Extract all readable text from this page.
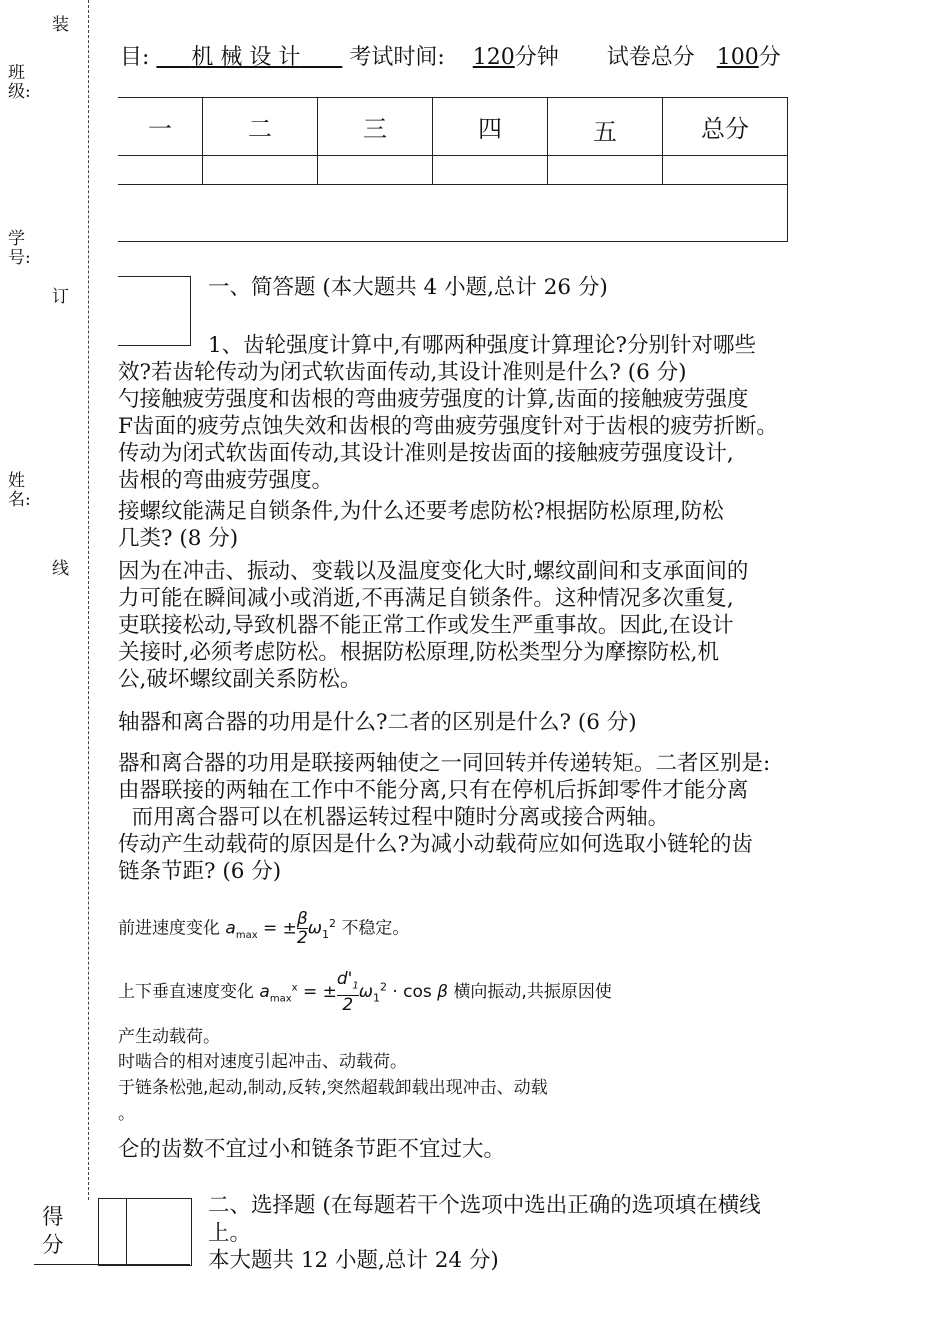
装
订
线
班级:
学号:
姓名:
目: 机 械 设 计 考试时间: 120分钟 试卷总分 100分
一	二	三	四	五	总分

一、简答题 (本大题共 4 小题,总计 26 分)
1、齿轮强度计算中,有哪两种强度计算理论?分别针对哪些
效?若齿轮传动为闭式软齿面传动,其设计准则是什么? (6 分)
勺接触疲劳强度和齿根的弯曲疲劳强度的计算,齿面的接触疲劳强度
F齿面的疲劳点蚀失效和齿根的弯曲疲劳强度针对于齿根的疲劳折断。
传动为闭式软齿面传动,其设计准则是按齿面的接触疲劳强度设计,
齿根的弯曲疲劳强度。
接螺纹能满足自锁条件,为什么还要考虑防松?根据防松原理,防松
几类? (8 分)
因为在冲击、振动、变载以及温度变化大时,螺纹副间和支承面间的
力可能在瞬间减小或消逝,不再满足自锁条件。这种情况多次重复,
吏联接松动,导致机器不能正常工作或发生严重事故。因此,在设计
关接时,必须考虑防松。根据防松原理,防松类型分为摩擦防松,机
公,破坏螺纹副关系防松。
轴器和离合器的功用是什么?二者的区别是什么? (6 分)
器和离合器的功用是联接两轴使之一同回转并传递转矩。二者区别是:
由器联接的两轴在工作中不能分离,只有在停机后拆卸零件才能分离
而用离合器可以在机器运转过程中随时分离或接合两轴。
传动产生动载荷的原因是什么?为减小动载荷应如何选取小链轮的齿
链条节距? (6 分)
前进速度变化 $a_{max}$ = ± $\frac{\beta}{2} \omega_1^2$ 不稳定。
上下垂直速度变化 $a_{max}^x$ = ± $\frac{d'_1}{2} \omega_1^2 \cdot \cos \beta$ 横向振动,共振原因使
产生动载荷。
时啮合的相对速度引起冲击、动载荷。
于链条松弛,起动,制动,反转,突然超载卸载出现冲击、动载
。
仑的齿数不宜过小和链条节距不宜过大。
得
分
二、选择题 (在每题若干个选项中选出正确的选项填在横线
上。
本大题共 12 小题,总计 24 分)
